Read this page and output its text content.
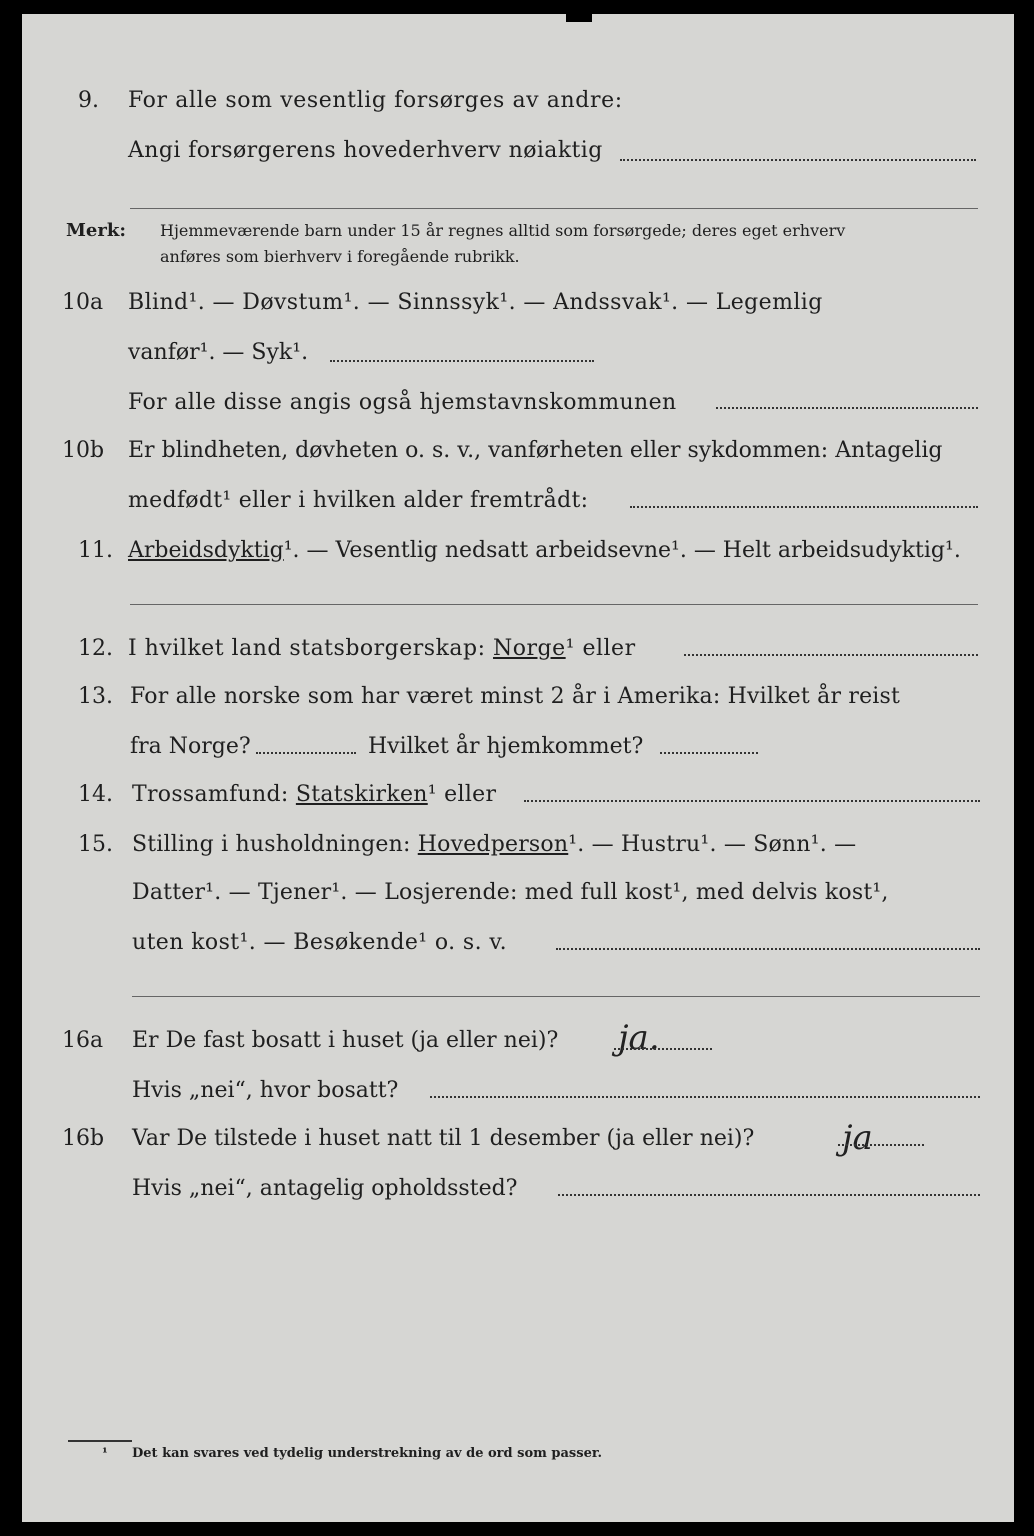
9. For alle som vesentlig forsørges av andre:
Angi forsørgerens hovederhverv nøiaktig
Merk: Hjemmeværende barn under 15 år regnes alltid som forsørgede; deres eget erhverv
anføres som bierhverv i foregående rubrikk.
10a Blind¹. — Døvstum¹. — Sinnssyk¹. — Andssvak¹. — Legemlig
vanfør¹. — Syk¹.
For alle disse angis også hjemstavnskommunen
10b Er blindheten, døvheten o. s. v., vanførheten eller sykdommen: Antagelig
medfødt¹ eller i hvilken alder fremtrådt:
11. Arbeidsdyktig¹. — Vesentlig nedsatt arbeidsevne¹. — Helt arbeidsudyktig¹.
12. I hvilket land statsborgerskap: Norge¹ eller
13. For alle norske som har været minst 2 år i Amerika: Hvilket år reist
fra Norge?	Hvilket år hjemkommet?
14. Trossamfund: Statskirken¹ eller
15. Stilling i husholdningen: Hovedperson¹. — Hustru¹. — Sønn¹. —
Datter¹. — Tjener¹. — Losjerende: med full kost¹, med delvis kost¹,
uten kost¹. — Besøkende¹ o. s. v.
16a Er De fast bosatt i huset (ja eller nei)? ja.
Hvis „nei“, hvor bosatt?
16b Var De tilstede i huset natt til 1 desember (ja eller nei)?	ja
Hvis „nei“, antagelig opholdssted?
¹ Det kan svares ved tydelig understrekning av de ord som passer.
